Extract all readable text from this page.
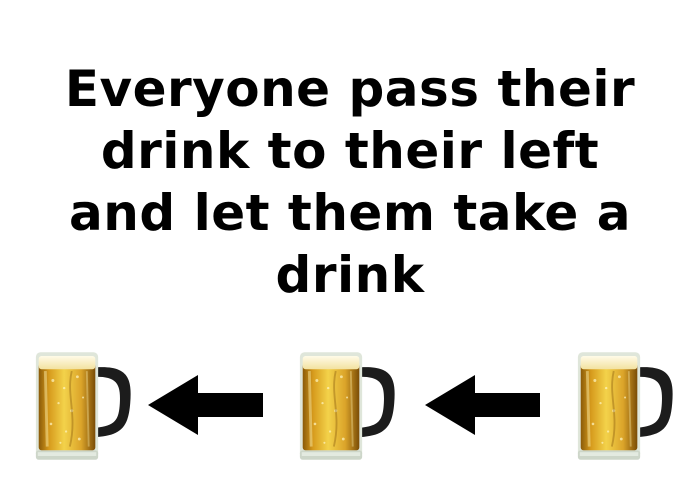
Everyone pass their drink to their left and let them take a drink
